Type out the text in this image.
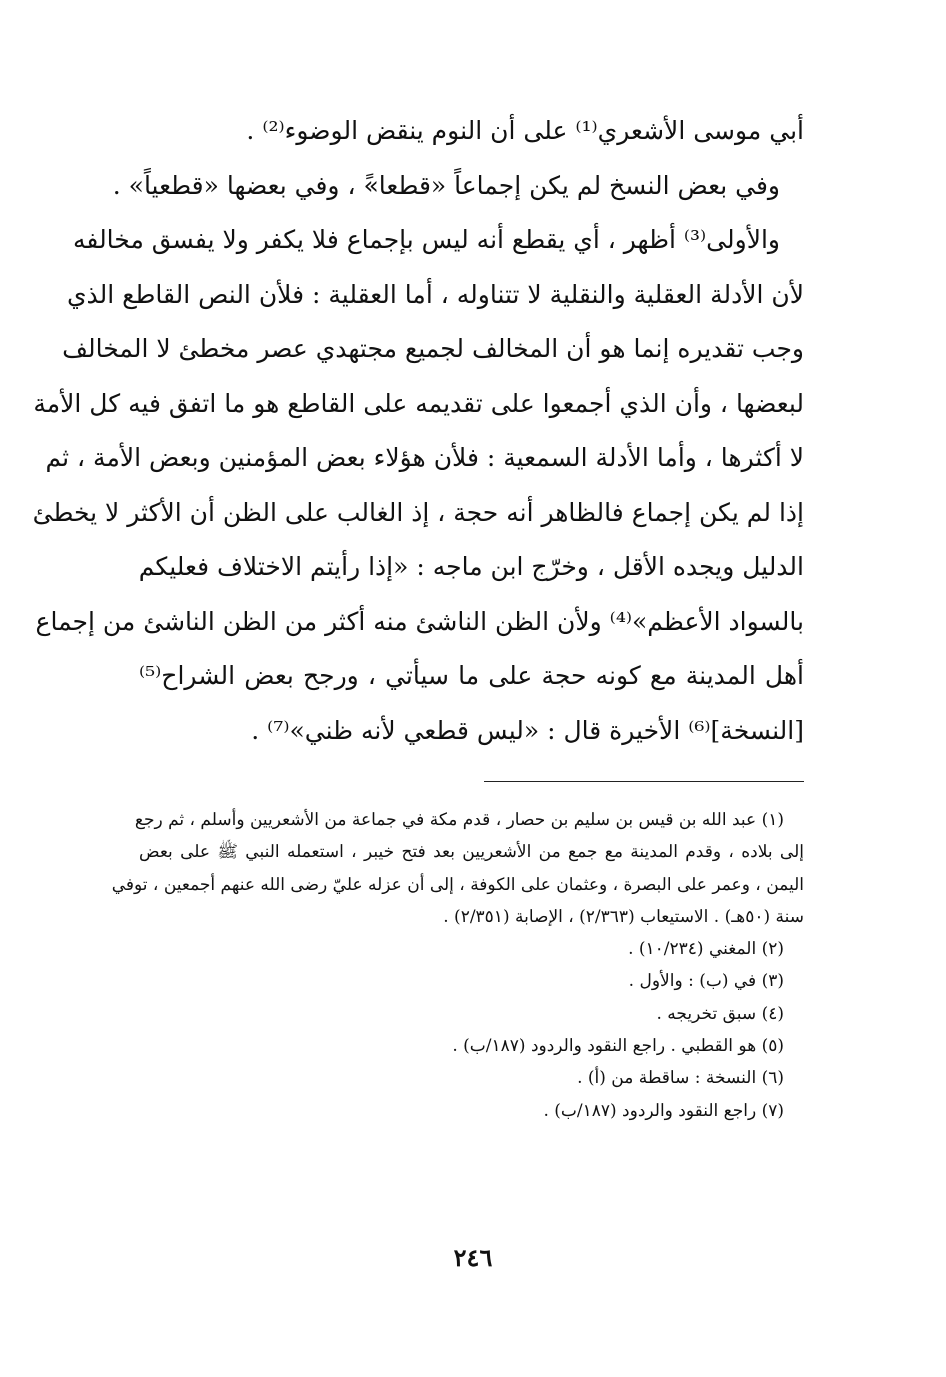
أبي موسى الأشعري⁽¹⁾ على أن النوم ينقض الوضوء⁽²⁾ .
وفي بعض النسخ لم يكن إجماعاً «قطعا»ً ، وفي بعضها «قطعياً» .
والأولى⁽³⁾ أظهر ، أي يقطع أنه ليس بإجماع فلا يكفر ولا يفسق مخالفه
لأن الأدلة العقلية والنقلية لا تتناوله ، أما العقلية : فلأن النص القاطع الذي
وجب تقديره إنما هو أن المخالف لجميع مجتهدي عصر مخطئ لا المخالف
لبعضها ، وأن الذي أجمعوا على تقديمه على القاطع هو ما اتفق فيه كل الأمة
لا أكثرها ، وأما الأدلة السمعية : فلأن هؤلاء بعض المؤمنين وبعض الأمة ، ثم
إذا لم يكن إجماع فالظاهر أنه حجة ، إذ الغالب على الظن أن الأكثر لا يخطئ
الدليل ويجده الأقل ، وخرّج ابن ماجه : «إذا رأيتم الاختلاف فعليكم
بالسواد الأعظم»⁽⁴⁾ ولأن الظن الناشئ منه أكثر من الظن الناشئ من إجماع
أهل المدينة مع كونه حجة على ما سيأتي ، ورجح بعض الشراح⁽⁵⁾
[النسخة]⁽⁶⁾ الأخيرة قال : «ليس قطعي لأنه ظني»⁽⁷⁾ .
(١) عبد الله بن قيس بن سليم بن حصار ، قدم مكة في جماعة من الأشعريين وأسلم ، ثم رجع
إلى بلاده ، وقدم المدينة مع جمع من الأشعريين بعد فتح خيبر ، استعمله النبي ﷺ على بعض
اليمن ، وعمر على البصرة ، وعثمان على الكوفة ، إلى أن عزله عليّ رضى الله عنهم أجمعين ، توفي
سنة (٥٠هـ) . الاستيعاب (٢/٣٦٣) ، الإصابة (٢/٣٥١) .
(٢) المغني (١٠/٢٣٤) .
(٣) في (ب) : والأول .
(٤) سبق تخريجه .
(٥) هو القطبي . راجع النقود والردود (١٨٧/ب) .
(٦) النسخة : ساقطة من (أ) .
(٧) راجع النقود والردود (١٨٧/ب) .
٢٤٦
